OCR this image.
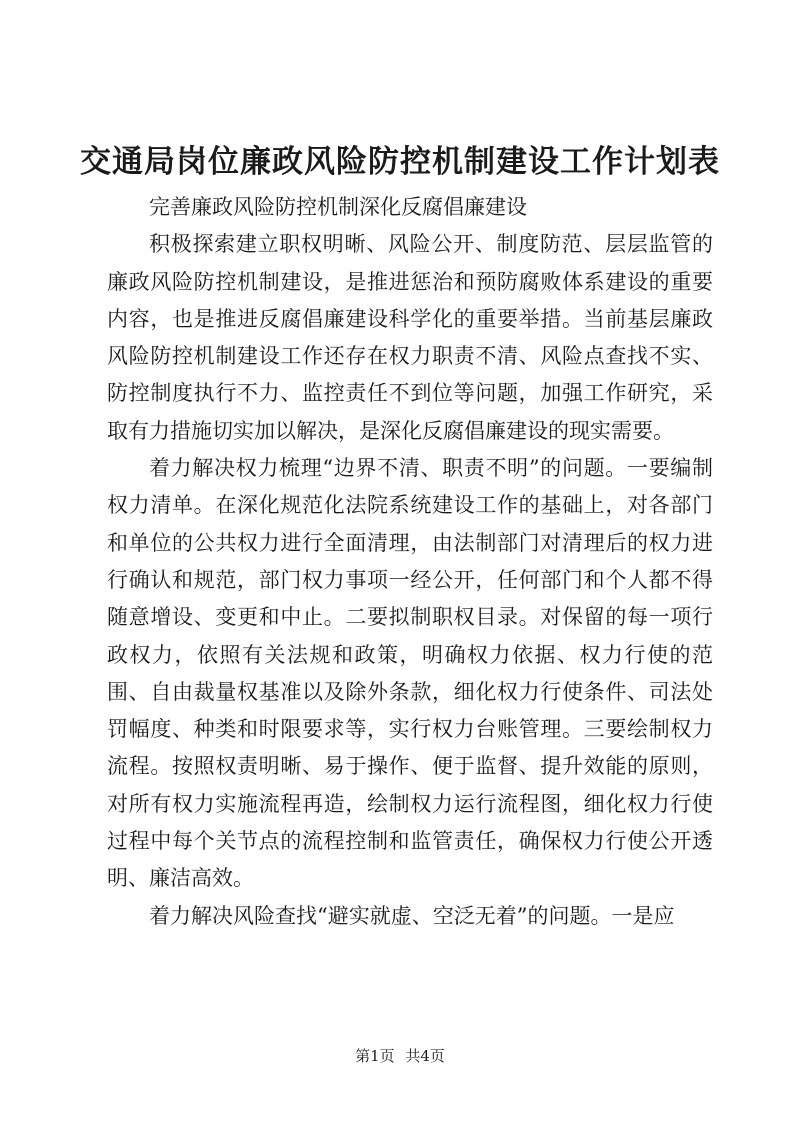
交通局岗位廉政风险防控机制建设工作计划表

完善廉政风险防控机制深化反腐倡廉建设

积极探索建立职权明晰、风险公开、制度防范、层层监管的廉政风险防控机制建设，是推进惩治和预防腐败体系建设的重要内容，也是推进反腐倡廉建设科学化的重要举措。当前基层廉政风险防控机制建设工作还存在权力职责不清、风险点查找不实、防控制度执行不力、监控责任不到位等问题，加强工作研究，采取有力措施切实加以解决，是深化反腐倡廉建设的现实需要。

着力解决权力梳理“边界不清、职责不明”的问题。一要编制权力清单。在深化规范化法院系统建设工作的基础上，对各部门和单位的公共权力进行全面清理，由法制部门对清理后的权力进行确认和规范，部门权力事项一经公开，任何部门和个人都不得随意增设、变更和中止。二要拟制职权目录。对保留的每一项行政权力，依照有关法规和政策，明确权力依据、权力行使的范围、自由裁量权基准以及除外条款，细化权力行使条件、司法处罚幅度、种类和时限要求等，实行权力台账管理。三要绘制权力流程。按照权责明晰、易于操作、便于监督、提升效能的原则，对所有权力实施流程再造，绘制权力运行流程图，细化权力行使过程中每个关节点的流程控制和监管责任，确保权力行使公开透明、廉洁高效。

着力解决风险查找“避实就虚、空泛无着”的问题。一是应

第1页 共4页
